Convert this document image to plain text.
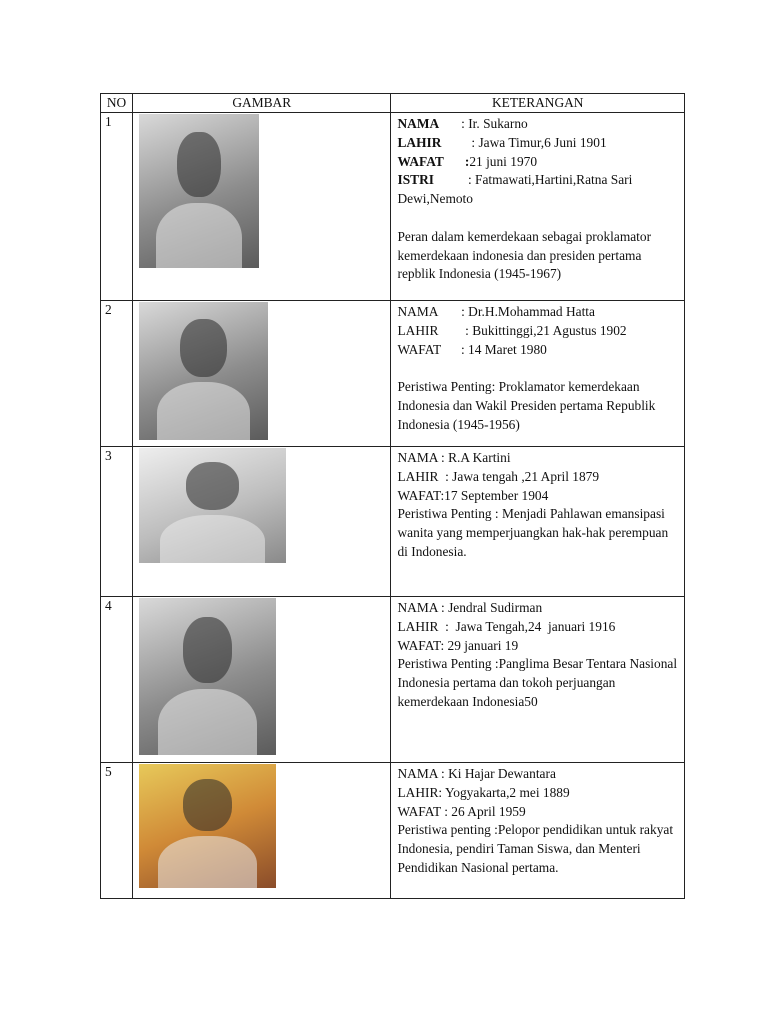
NO	GAMBAR	KETERANGAN
1		NAMA : Ir. Sukarno
LAHIR : Jawa Timur,6 Juni 1901
WAFAT :21 juni 1970
ISTRI : Fatmawati,Hartini,Ratna Sari Dewi,Nemoto
Peran dalam kemerdekaan sebagai proklamator kemerdekaan indonesia dan presiden pertama repblik Indonesia (1945-1967)

2		NAMA       : Dr.H.Mohammad Hatta
LAHIR        : Bukittinggi,21 Agustus 1902
WAFAT      : 14 Maret 1980
Peristiwa Penting: Proklamator kemerdekaan Indonesia dan Wakil Presiden pertama Republik Indonesia (1945-1956)

3		NAMA : R.A Kartini
LAHIR  : Jawa tengah ,21 April 1879
WAFAT:17 September 1904
Peristiwa Penting : Menjadi Pahlawan emansipasi wanita yang memperjuangkan hak-hak perempuan di Indonesia.

4		NAMA : Jendral Sudirman
LAHIR  :  Jawa Tengah,24  januari 1916
WAFAT: 29 januari 19
Peristiwa Penting :Panglima Besar Tentara Nasional Indonesia pertama dan tokoh perjuangan kemerdekaan Indonesia50

5		NAMA : Ki Hajar Dewantara
LAHIR: Yogyakarta,2 mei 1889
WAFAT : 26 April 1959
Peristiwa penting :Pelopor pendidikan untuk rakyat Indonesia, pendiri Taman Siswa, dan Menteri Pendidikan Nasional pertama.
